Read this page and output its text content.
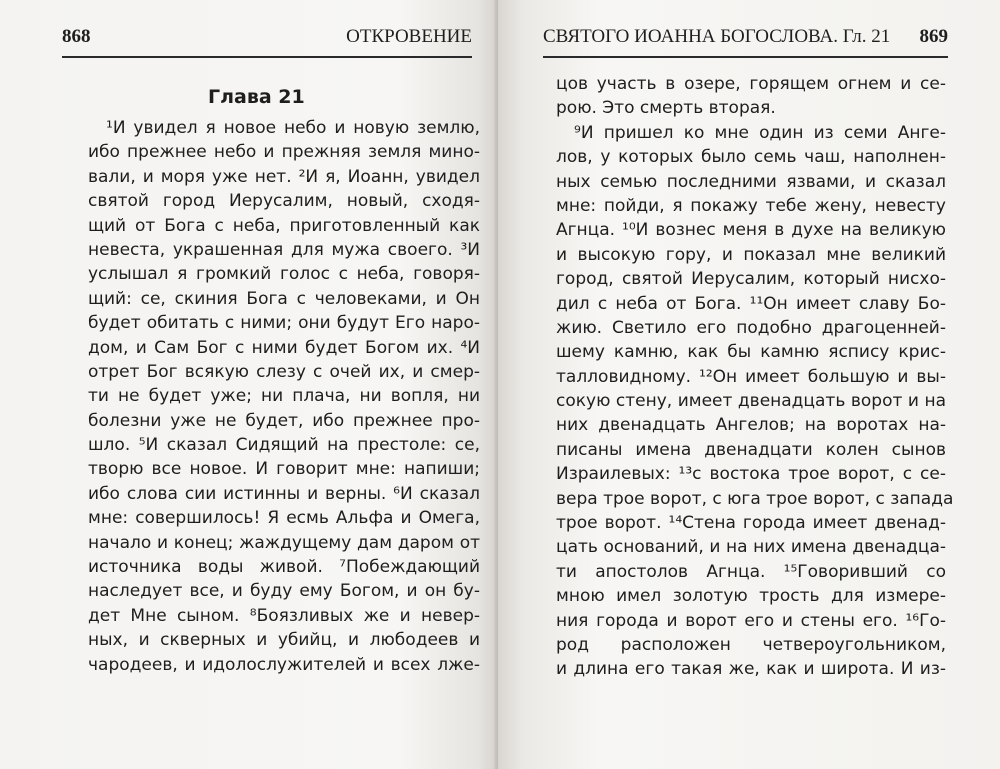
868	ОТКРОВЕНИЕ
Глава 21
¹И увидел я новое небо и новую землю,
ибо прежнее небо и прежняя земля мино-
вали, и моря уже нет. ²И я, Иоанн, увидел
святой город Иерусалим, новый, сходя-
щий от Бога с неба, приготовленный как
невеста, украшенная для мужа своего. ³И
услышал я громкий голос с неба, говоря-
щий: се, скиния Бога с человеками, и Он
будет обитать с ними; они будут Его наро-
дом, и Сам Бог с ними будет Богом их. ⁴И
отрет Бог всякую слезу с очей их, и смер-
ти не будет уже; ни плача, ни вопля, ни
болезни уже не будет, ибо прежнее про-
шло. ⁵И сказал Сидящий на престоле: се,
творю все новое. И говорит мне: напиши;
ибо слова сии истинны и верны. ⁶И сказал
мне: совершилось! Я есмь Альфа и Омега,
начало и конец; жаждущему дам даром от
источника воды живой. ⁷Побеждающий
наследует все, и буду ему Богом, и он бу-
дет Мне сыном. ⁸Боязливых же и невер-
ных, и скверных и убийц, и любодеев и
чародеев, и идолослужителей и всех лже-
СВЯТОГО ИОАННА БОГОСЛОВА. Гл. 21 869
цов участь в озере, горящем огнем и се-
рою. Это смерть вторая.
⁹И пришел ко мне один из семи Анге-
лов, у которых было семь чаш, наполнен-
ных семью последними язвами, и сказал
мне: пойди, я покажу тебе жену, невесту
Агнца. ¹⁰И вознес меня в духе на великую
и высокую гору, и показал мне великий
город, святой Иерусалим, который нисхо-
дил с неба от Бога. ¹¹Он имеет славу Бо-
жию. Светило его подобно драгоценней-
шему камню, как бы камню яспису крис-
талловидному. ¹²Он имеет большую и вы-
сокую стену, имеет двенадцать ворот и на
них двенадцать Ангелов; на воротах на-
писаны имена двенадцати колен сынов
Израилевых: ¹³с востока трое ворот, с се-
вера трое ворот, с юга трое ворот, с запада
трое ворот. ¹⁴Стена города имеет двенад-
цать оснований, и на них имена двенадца-
ти апостолов Агнца. ¹⁵Говоривший со
мною имел золотую трость для измере-
ния города и ворот его и стены его. ¹⁶Го-
род расположен четвероугольником,
и длина его такая же, как и широта. И из-
